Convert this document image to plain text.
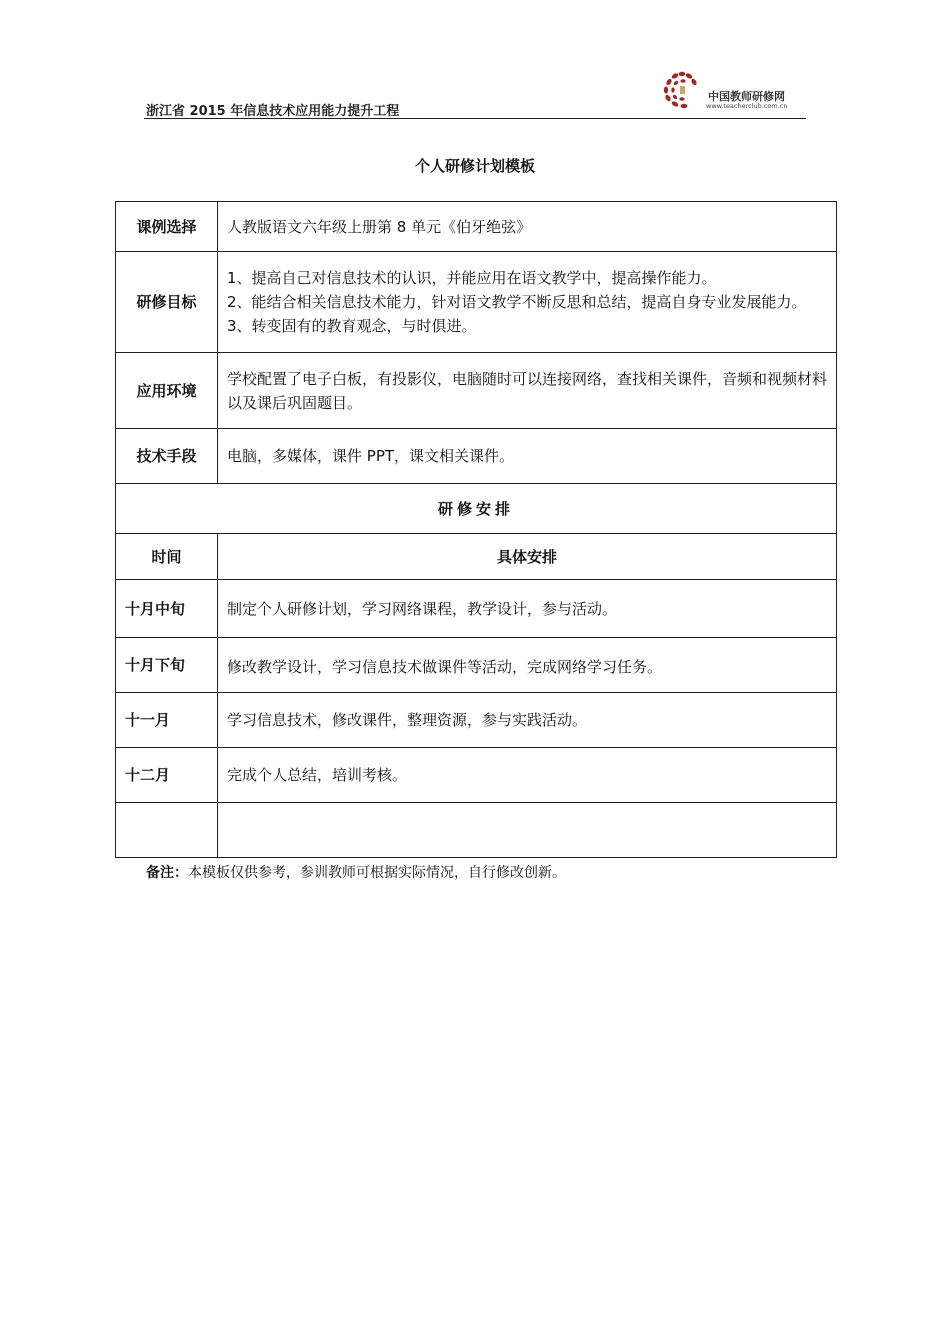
浙江省 2015 年信息技术应用能力提升工程
中国教师研修网
www.teacherclub.com.cn
个人研修计划模板
课例选择	人教版语文六年级上册第 8 单元《伯牙绝弦》
研修目标	1、提高自己对信息技术的认识，并能应用在语文教学中，提高操作能力。
2、能结合相关信息技术能力，针对语文教学不断反思和总结，提高自身专业发展能力。
3、转变固有的教育观念，与时俱进。

应用环境	学校配置了电子白板，有投影仪，电脑随时可以连接网络，查找相关课件，音频和视频材料以及课后巩固题目。
技术手段	电脑，多媒体，课件 PPT，课文相关课件。
研修安排	
时间	具体安排
十月中旬	制定个人研修计划，学习网络课程，教学设计，参与活动。
十月下旬	修改教学设计，学习信息技术做课件等活动，完成网络学习任务。
十一月	学习信息技术，修改课件，整理资源，参与实践活动。
十二月	完成个人总结，培训考核。

备注：本模板仅供参考，参训教师可根据实际情况，自行修改创新。
